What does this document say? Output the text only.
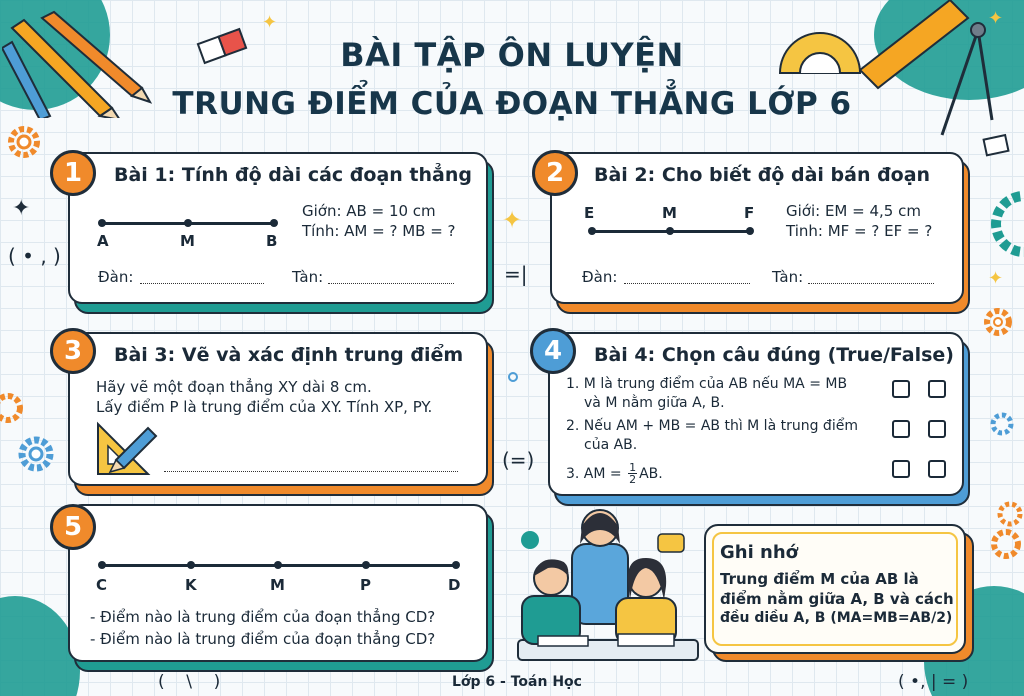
✦
✦
✦
✦
✦
BÀI TẬP ÔN LUYỆN
TRUNG ĐIỂM CỦA ĐOẠN THẲNG LỚP 6
( • , )
=|
(=)
(    \    )	( •, | = )
1	Bài 1: Tính độ dài các đoạn thẳng
A	M	B
Giớn: AB = 10 cm
Tính: AM = ? MB = ?
Đàn:	Tàn:
2	Bài 2: Cho biết độ dài bán đoạn
E	M	F Giới: EM = 4,5 cm
Tinh: MF = ? EF = ?
Đàn:	Tàn:
3	Bài 3: Vẽ và xác định trung điểm
Hãy vẽ một đoạn thẳng XY dài 8 cm.
Lấy điểm P là trung điểm của XY. Tính XP, PY.
4	Bài 4: Chọn câu đúng (True/False)
1. M là trung điểm của AB nếu MA = MB
và M nằm giữa A, B.
2. Nếu AM + MB = AB thì M là trung điểm
của AB.
3. AM = $\frac{1}{2}$ AB.
5
C	K	M	P	D
- Điểm nào là trung điểm của đoạn thẳng CD?
- Điểm nào là trung điểm của đoạn thẳng CD?
Ghi nhớ
Trung điểm M của AB là
điểm nằm giữa A, B và cách
đều diều A, B (MA=MB=AB/2)
Lớp 6 - Toán Học
